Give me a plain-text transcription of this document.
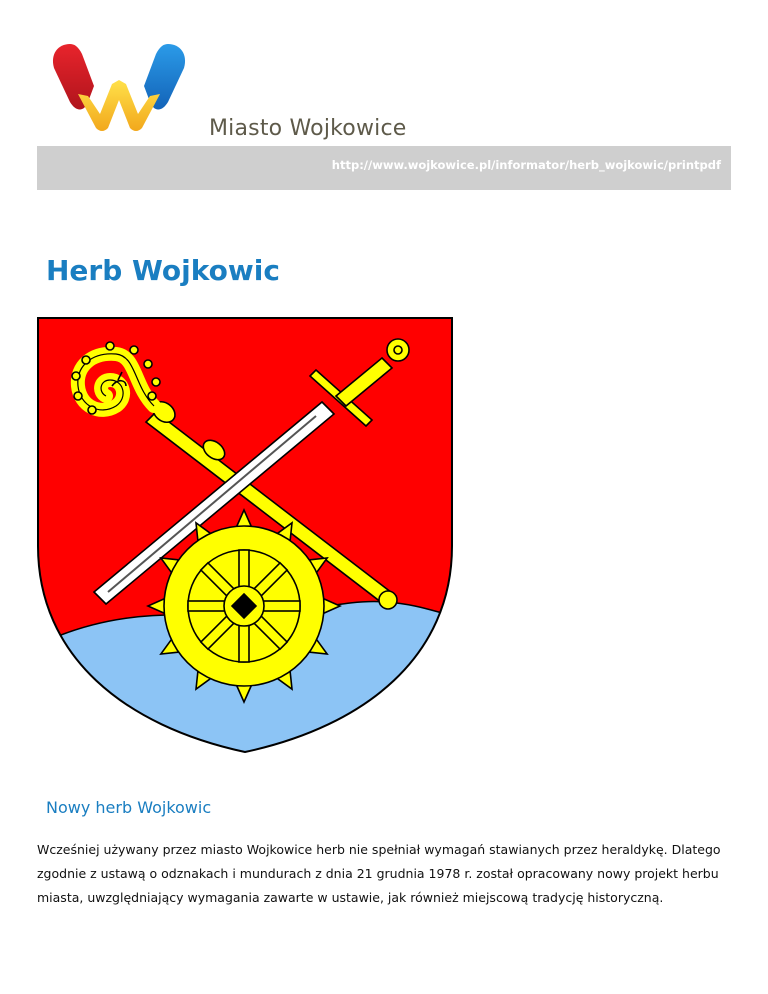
Miasto Wojkowice
http://www.wojkowice.pl/informator/herb_wojkowic/printpdf
Herb Wojkowic
Nowy herb Wojkowic

Wcześniej używany przez miasto Wojkowice herb nie spełniał wymagań stawianych przez heraldykę. Dlatego zgodnie z ustawą o odznakach i mundurach z dnia 21 grudnia 1978 r. został opracowany nowy projekt herbu miasta, uwzględniający wymagania zawarte w ustawie, jak również miejscową tradycję historyczną.
